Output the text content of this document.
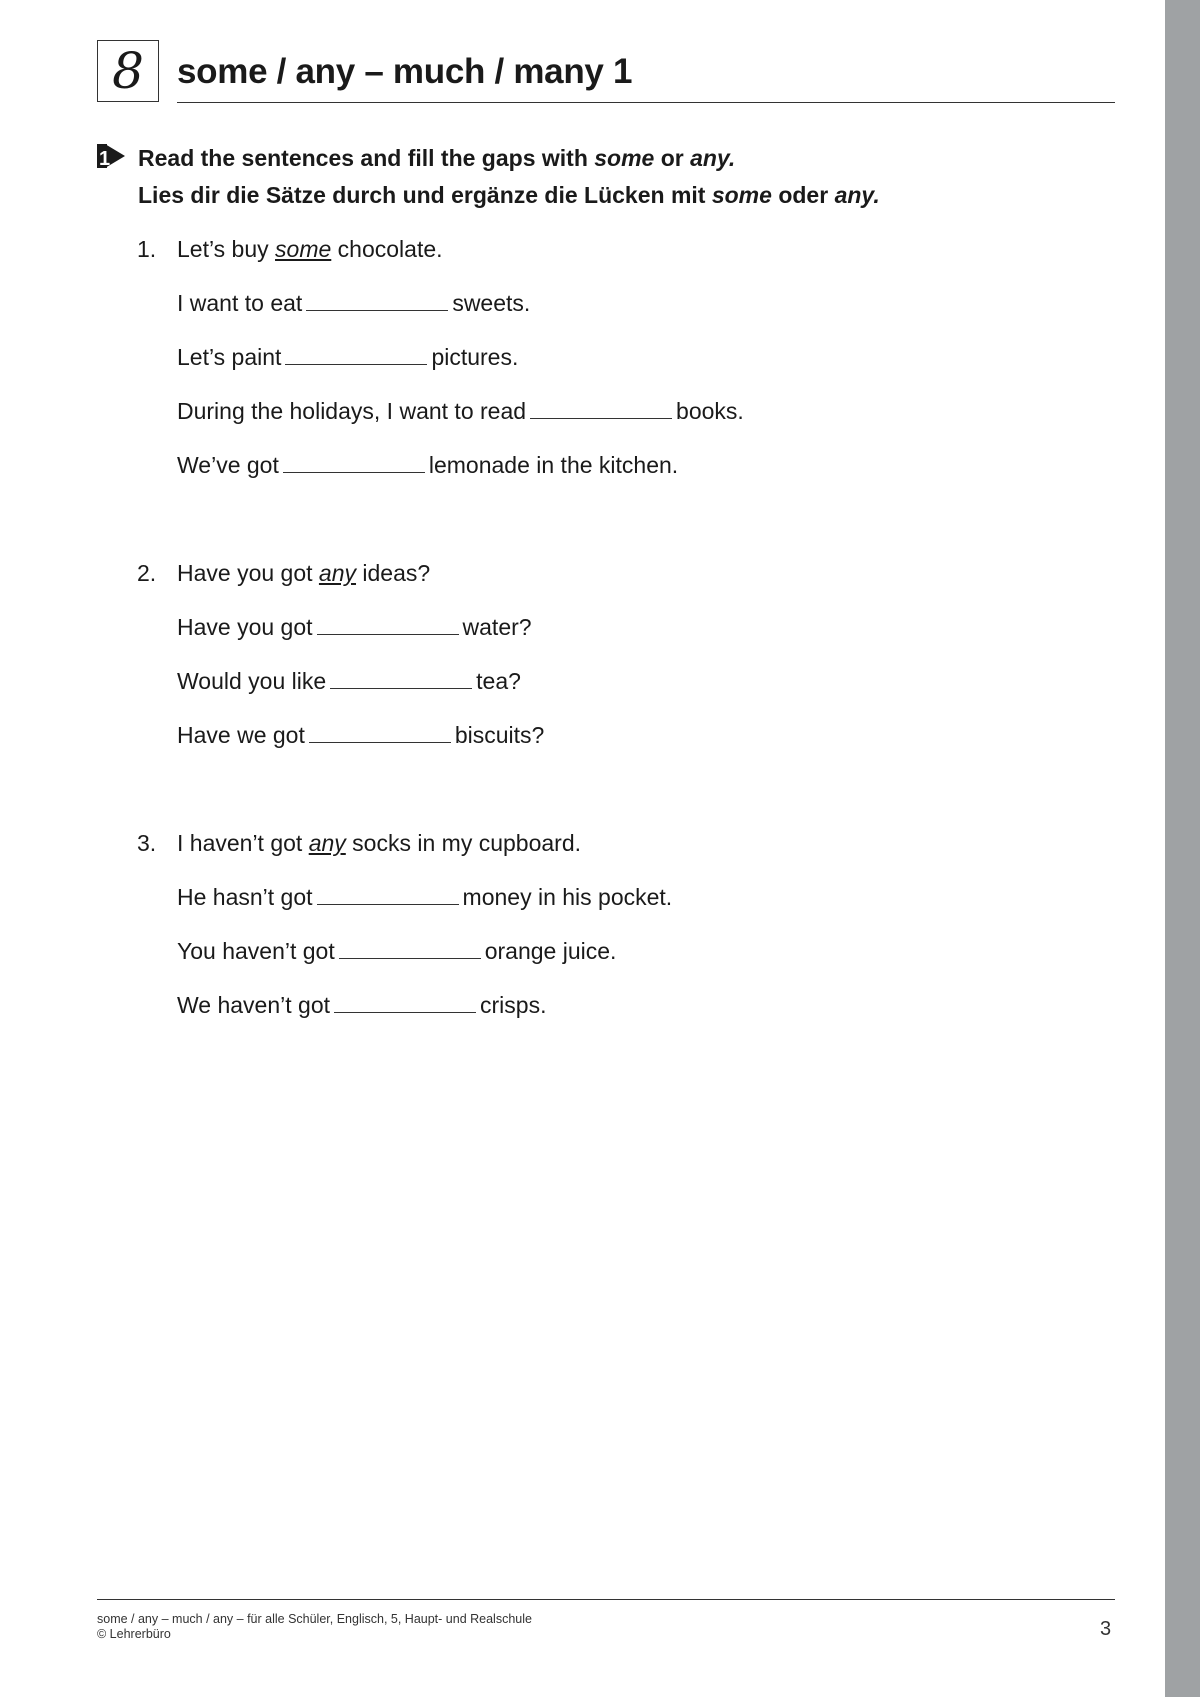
8 some / any – much / many 1
1 Read the sentences and fill the gaps with some or any.
Lies dir die Sätze durch und ergänze die Lücken mit some oder any.
1. Let’s buy some chocolate.
I want to eat	sweets.
Let’s paint	pictures.
During the holidays, I want to read	books.
We’ve got	lemonade in the kitchen.
2. Have you got any ideas?
Have you got	water?
Would you like	tea?
Have we got	biscuits?
3. I haven’t got any socks in my cupboard.
He hasn’t got	money in his pocket.
You haven’t got	orange juice.
We haven’t got	crisps.
some / any – much / any – für alle Schüler, Englisch, 5, Haupt- und Realschule
© Lehrerbüro	3
